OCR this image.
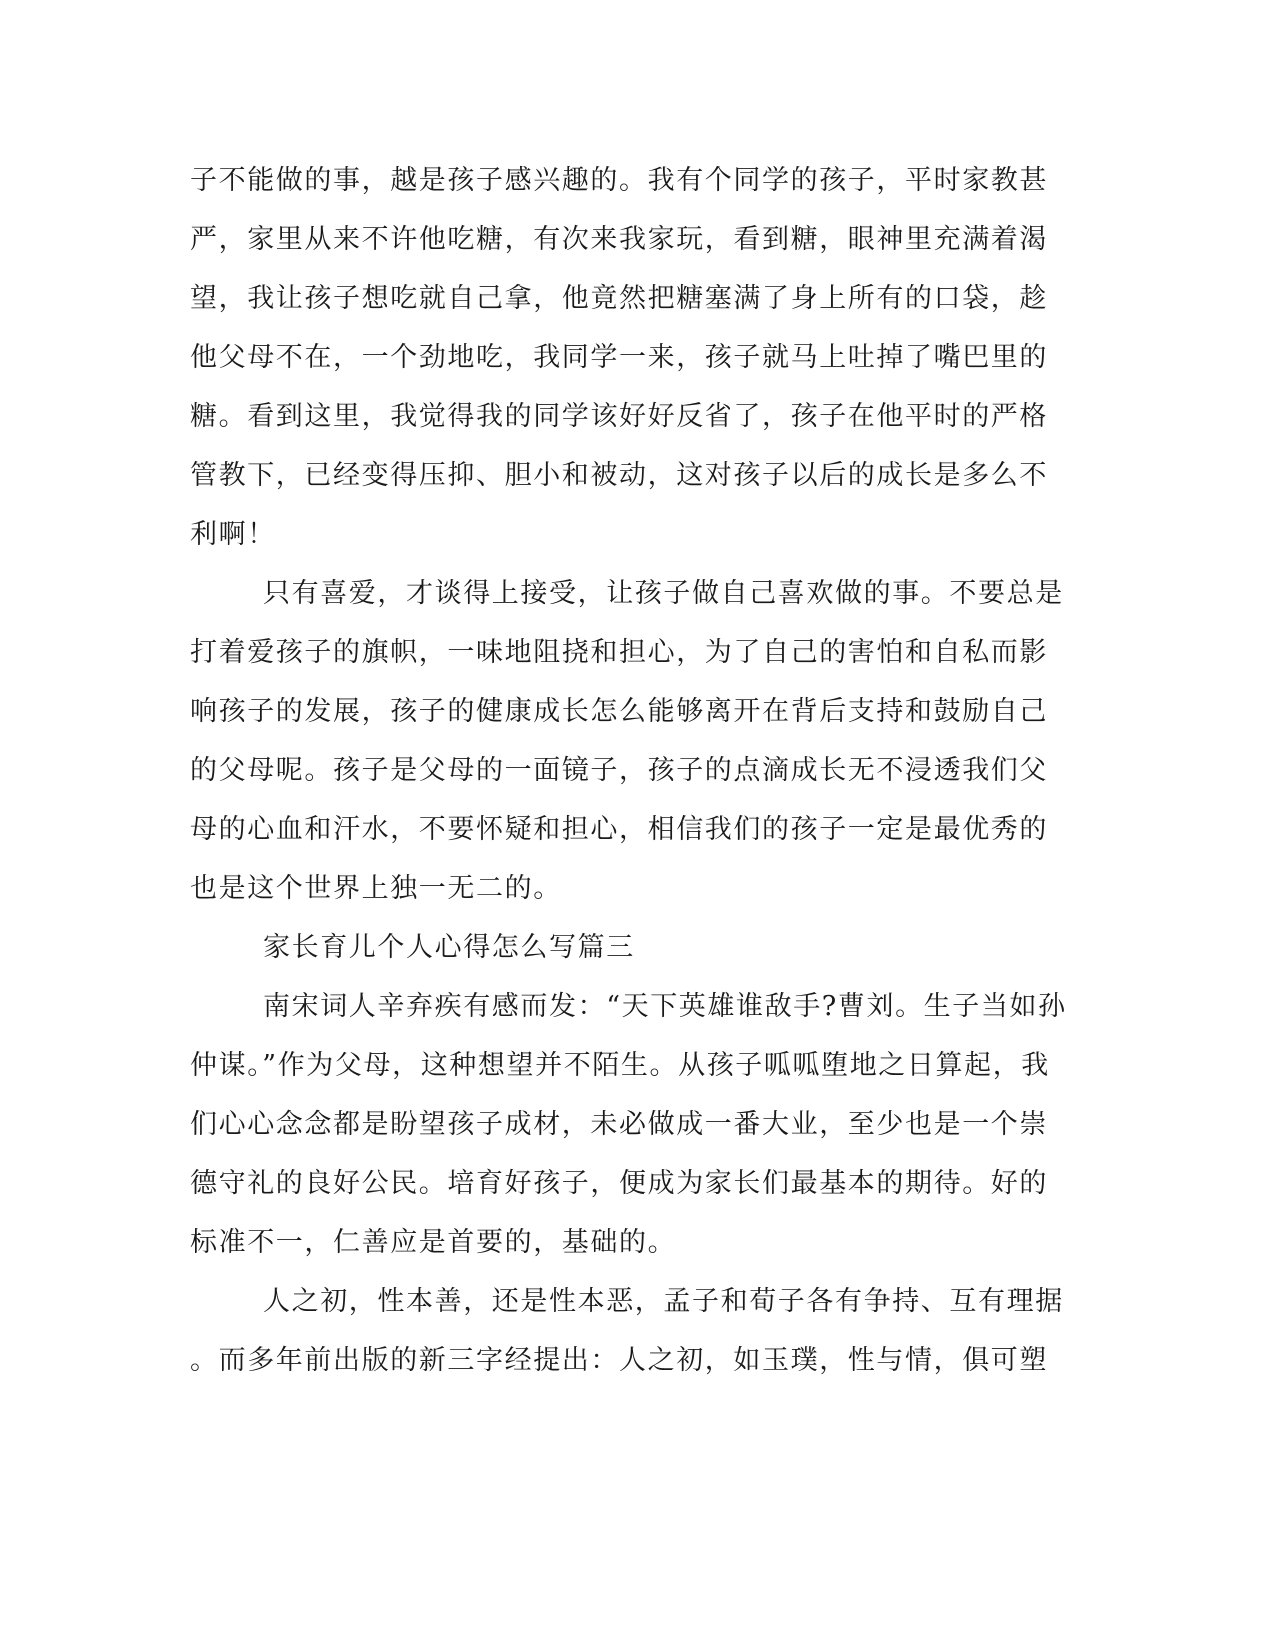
子不能做的事，越是孩子感兴趣的。我有个同学的孩子，平时家教甚
严，家里从来不许他吃糖，有次来我家玩，看到糖，眼神里充满着渴
望，我让孩子想吃就自己拿，他竟然把糖塞满了身上所有的口袋，趁
他父母不在，一个劲地吃，我同学一来，孩子就马上吐掉了嘴巴里的
糖。看到这里，我觉得我的同学该好好反省了，孩子在他平时的严格
管教下，已经变得压抑、胆小和被动，这对孩子以后的成长是多么不
利啊！
只有喜爱，才谈得上接受，让孩子做自己喜欢做的事。不要总是
打着爱孩子的旗帜，一味地阻挠和担心，为了自己的害怕和自私而影
响孩子的发展，孩子的健康成长怎么能够离开在背后支持和鼓励自己
的父母呢。孩子是父母的一面镜子，孩子的点滴成长无不浸透我们父
母的心血和汗水，不要怀疑和担心，相信我们的孩子一定是最优秀的
也是这个世界上独一无二的。
家长育儿个人心得怎么写篇三
南宋词人辛弃疾有感而发：“天下英雄谁敌手?曹刘。生子当如孙
仲谋。”作为父母，这种想望并不陌生。从孩子呱呱堕地之日算起，我
们心心念念都是盼望孩子成材，未必做成一番大业，至少也是一个崇
德守礼的良好公民。培育好孩子，便成为家长们最基本的期待。好的
标准不一，仁善应是首要的，基础的。
人之初，性本善，还是性本恶，孟子和荀子各有争持、互有理据
。而多年前出版的新三字经提出：人之初，如玉璞，性与情，俱可塑
